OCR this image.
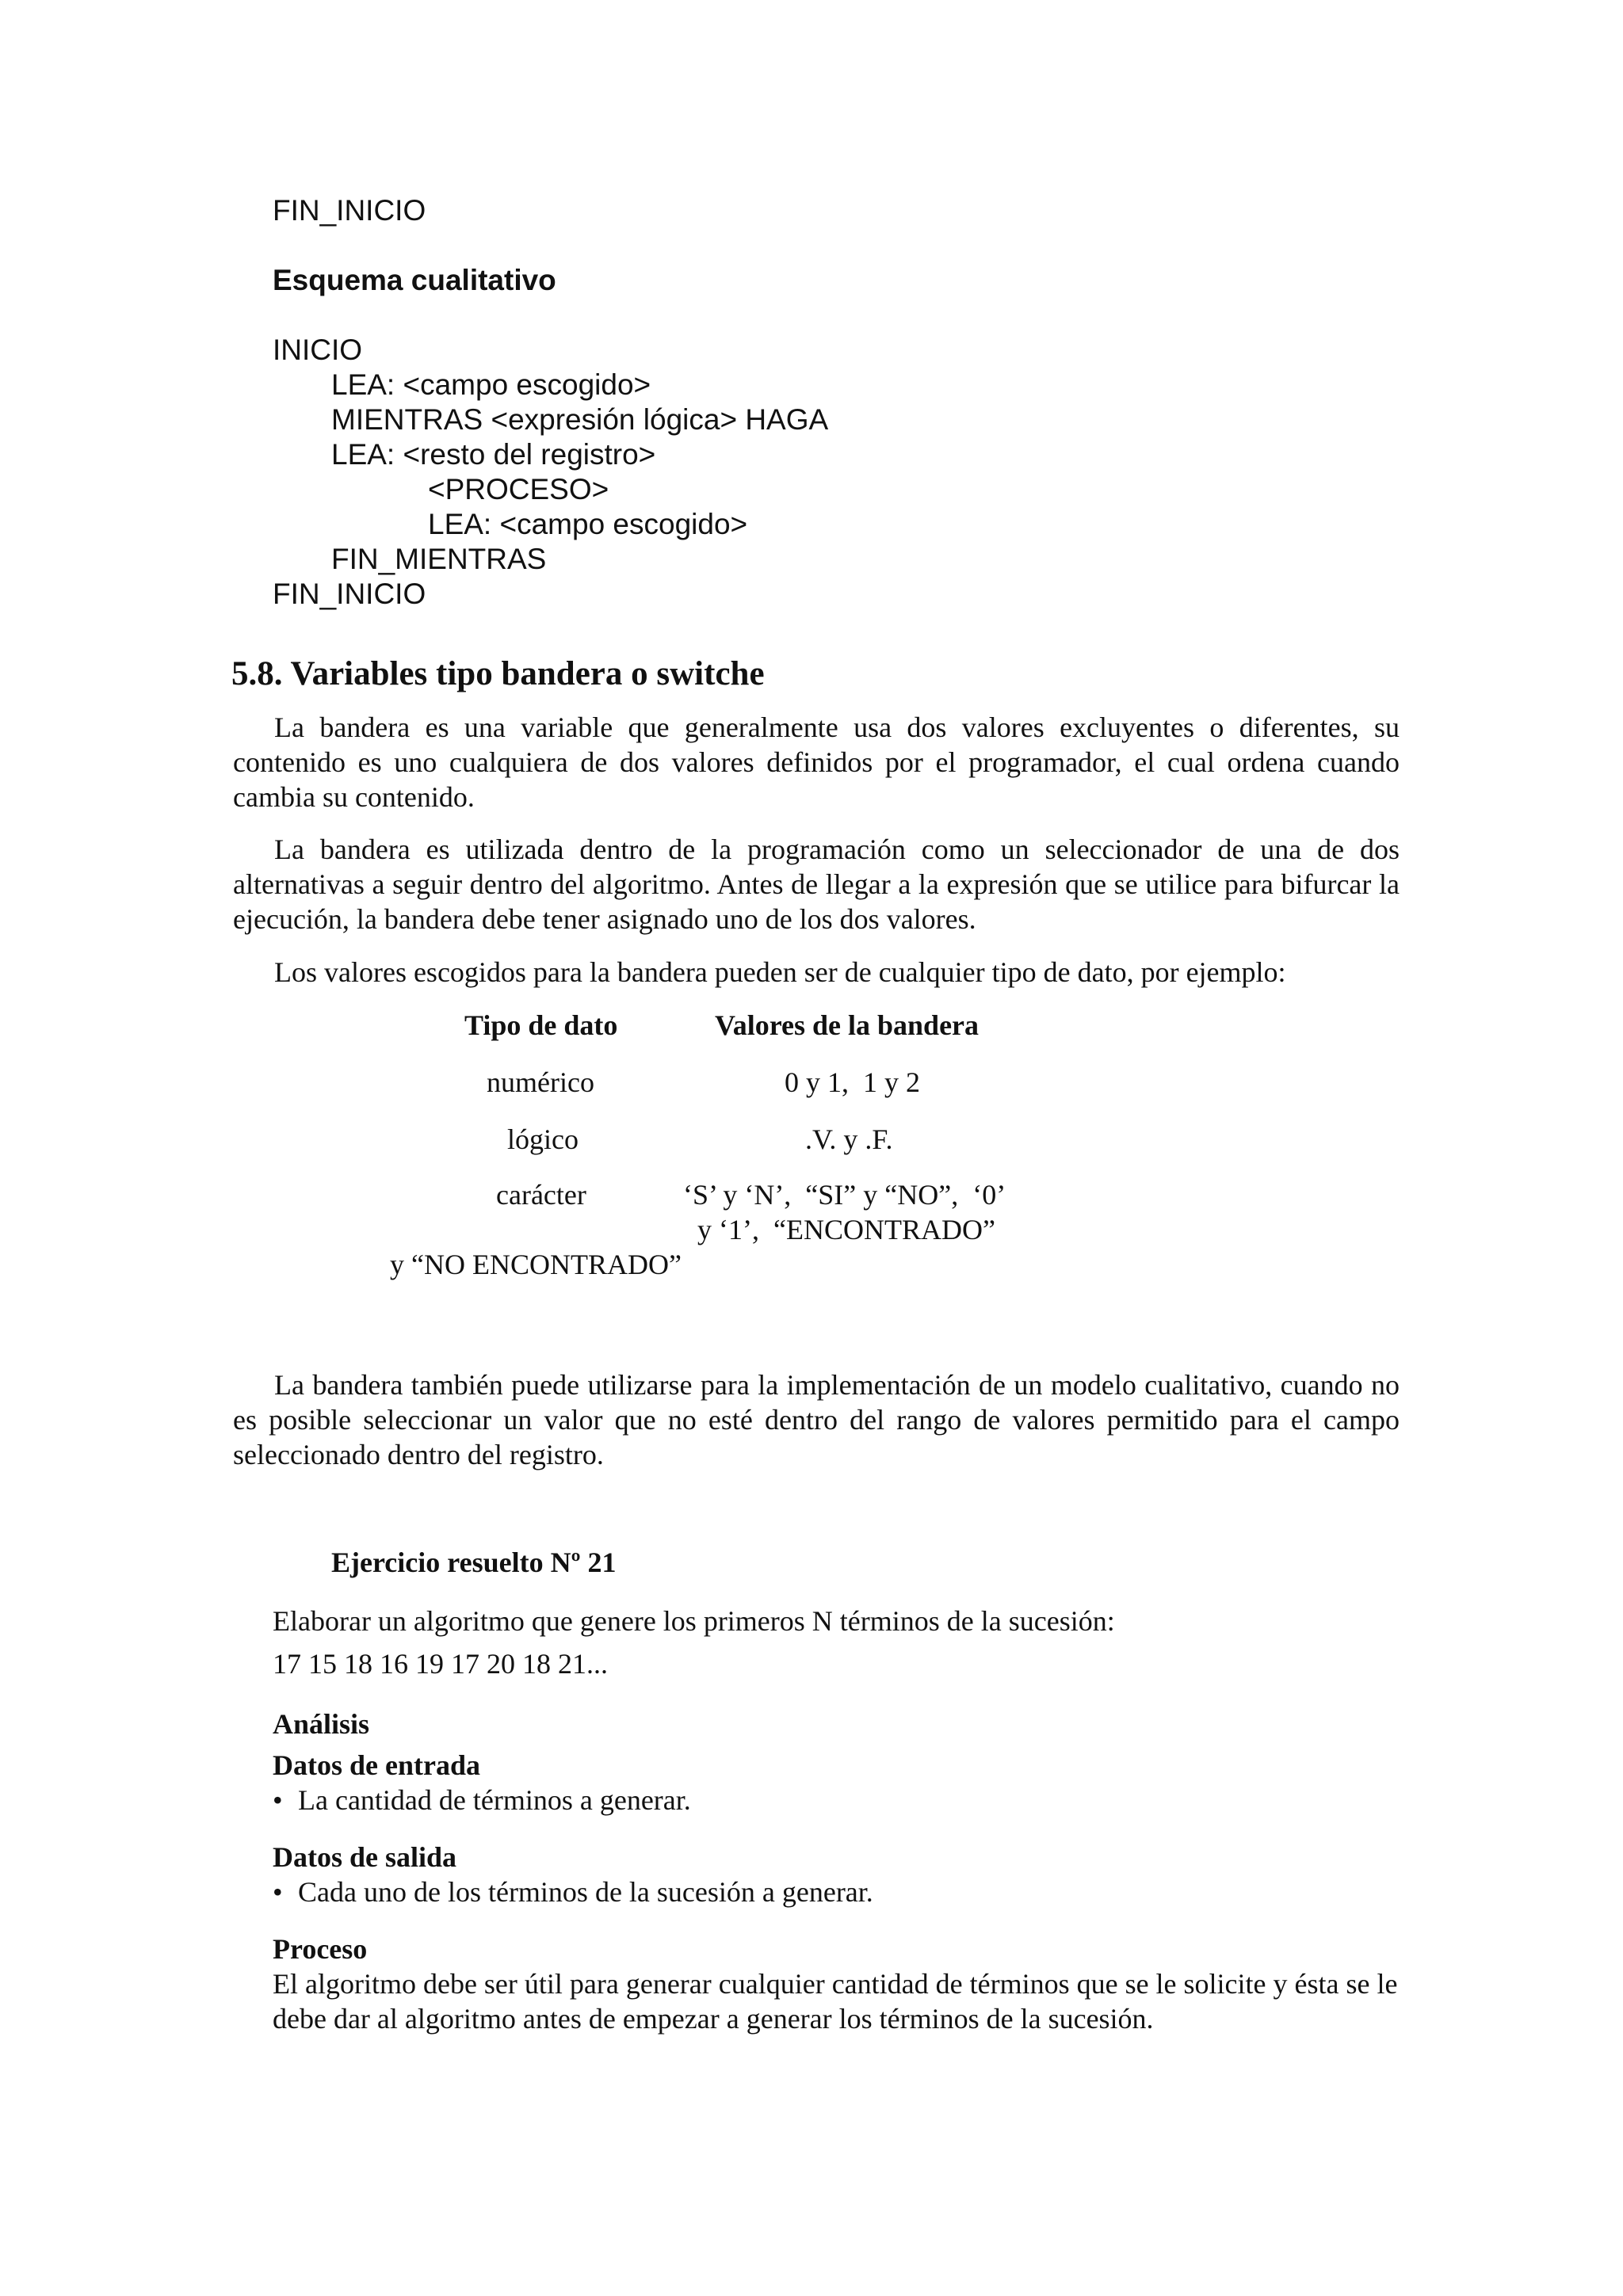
FIN_INICIO
Esquema cualitativo
INICIO
LEA: <campo escogido>
MIENTRAS <expresión lógica> HAGA
LEA: <resto del registro>
<PROCESO>
LEA: <campo escogido>
FIN_MIENTRAS
FIN_INICIO
5.8. Variables tipo bandera o switche
La bandera es una variable que generalmente usa dos valores excluyentes o diferentes, su contenido es uno cualquiera de dos valores definidos por el programador, el cual ordena cuando cambia su contenido.
La bandera es utilizada dentro de la programación como un seleccionador de una de dos alternativas a seguir dentro del algoritmo. Antes de llegar a la expresión que se utilice para bifurcar la ejecución, la bandera debe tener asignado uno de los dos valores.
Los valores escogidos para la bandera pueden ser de cualquier tipo de dato, por ejemplo:
Tipo de dato	Valores de la bandera
numérico	0 y 1,  1 y 2
lógico	.V. y .F.
carácter	‘S’ y ‘N’,  “SI” y “NO”,  ‘0’
y ‘1’,  “ENCONTRADO”
y “NO ENCONTRADO”
La bandera también puede utilizarse para la implementación de un modelo cualitativo, cuando no es posible seleccionar un valor que no esté dentro del rango de valores permitido para el campo seleccionado dentro del registro.
Ejercicio resuelto Nº 21
Elaborar un algoritmo que genere los primeros N términos de la sucesión:
17 15 18 16 19 17 20 18 21...
Análisis
Datos de entrada
• La cantidad de términos a generar.
Datos de salida
• Cada uno de los términos de la sucesión a generar.
Proceso
El algoritmo debe ser útil para generar cualquier cantidad de términos que se le solicite y ésta se le debe dar al algoritmo antes de empezar a generar los términos de la sucesión.
